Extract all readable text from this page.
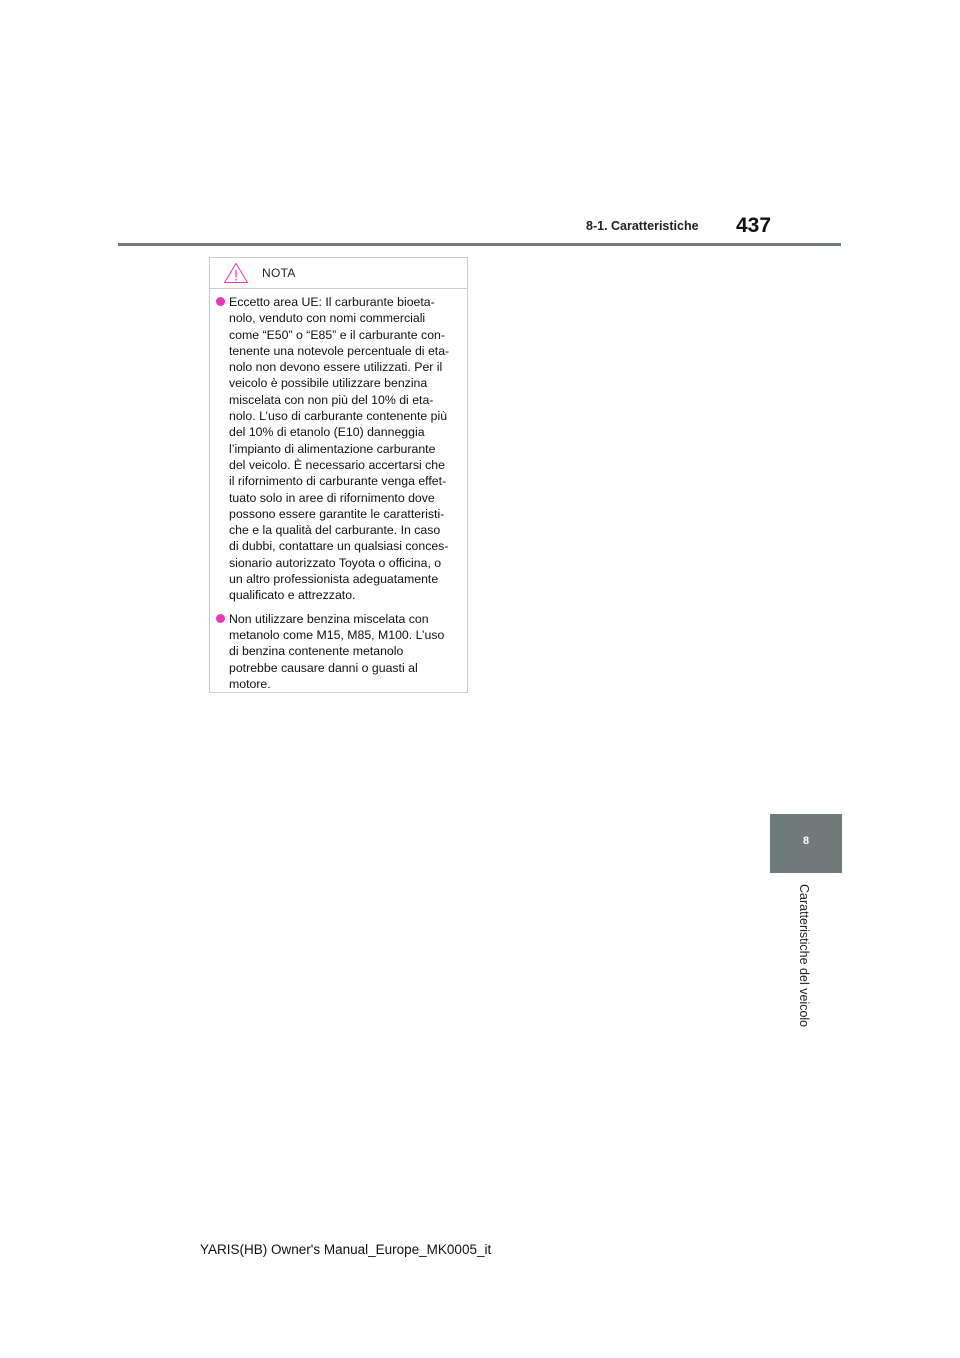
8-1. Caratteristiche 437
NOTA
Eccetto area UE: Il carburante bioeta-
nolo, venduto con nomi commerciali
come “E50” o “E85” e il carburante con-
tenente una notevole percentuale di eta-
nolo non devono essere utilizzati. Per il
veicolo è possibile utilizzare benzina
miscelata con non più del 10% di eta-
nolo. L’uso di carburante contenente più
del 10% di etanolo (E10) danneggia
l’impianto di alimentazione carburante
del veicolo. È necessario accertarsi che
il rifornimento di carburante venga effet-
tuato solo in aree di rifornimento dove
possono essere garantite le caratteristi-
che e la qualità del carburante. In caso
di dubbi, contattare un qualsiasi conces-
sionario autorizzato Toyota o officina, o
un altro professionista adeguatamente
qualificato e attrezzato.
Non utilizzare benzina miscelata con
metanolo come M15, M85, M100. L’uso
di benzina contenente metanolo
potrebbe causare danni o guasti al
motore.
8
Caratteristiche del veicolo
YARIS(HB) Owner's Manual_Europe_MK0005_it
